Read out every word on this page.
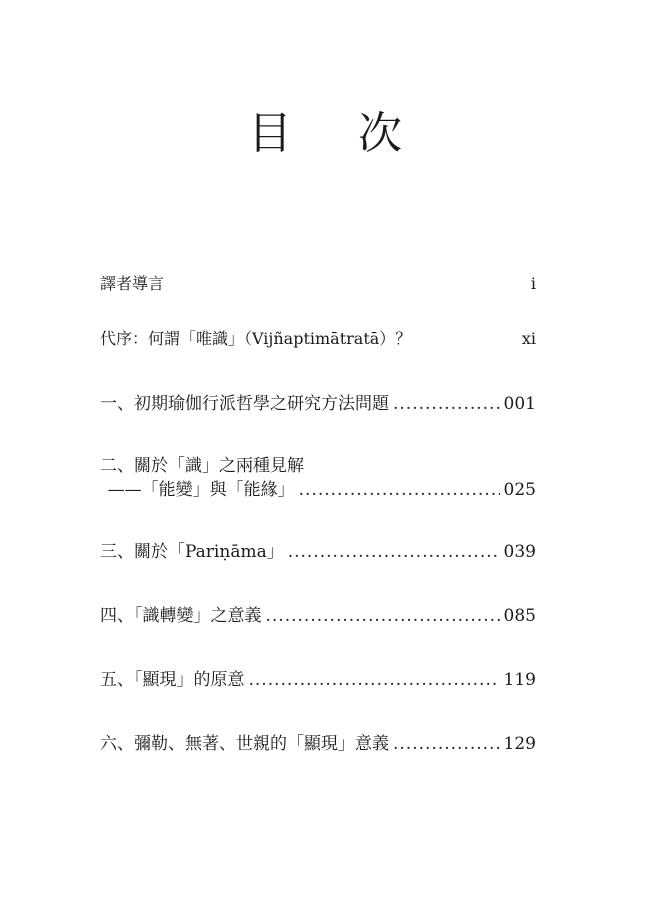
目 次
譯者導言	i
代序：何謂「唯識」（Vijñaptimātratā）？	xi
一、初期瑜伽行派哲學之研究方法問題 .....	001
二、關於「識」之兩種見解
——「能變」與「能緣」 .....	025
三、關於「Pariṇāma」 .....	039
四、「識轉變」之意義 .....	085
五、「顯現」的原意 .....	119
六、彌勒、無著、世親的「顯現」意義 .....	129
